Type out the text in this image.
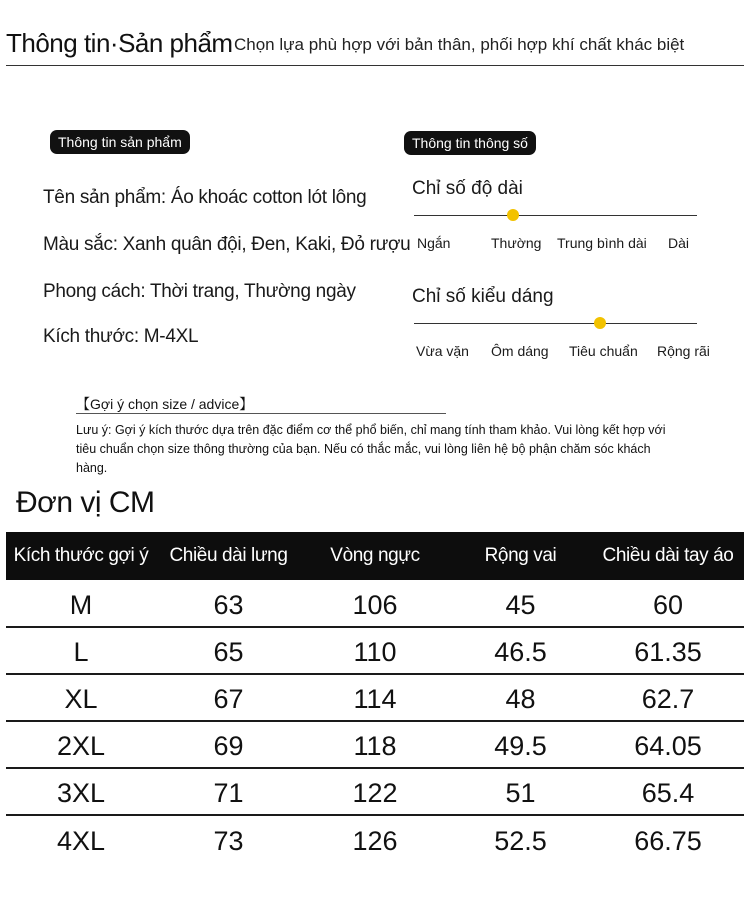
Thông tin·Sản phẩm Chọn lựa phù hợp với bản thân, phối hợp khí chất khác biệt
Thông tin sản phẩm
Tên sản phẩm: Áo khoác cotton lót lông
Màu sắc: Xanh quân đội, Đen, Kaki, Đỏ rượu
Phong cách: Thời trang, Thường ngày
Kích thước: M-4XL
Thông tin thông số
Chỉ số độ dài
Ngắn	Thường Trung bình dài Dài
Chỉ số kiểu dáng
Vừa vặn Ôm dáng Tiêu chuẩn Rộng rãi
【Gợi ý chọn size / advice】
Lưu ý: Gợi ý kích thước dựa trên đặc điểm cơ thể phổ biến, chỉ mang tính tham khảo. Vui lòng kết hợp với tiêu chuẩn chọn size thông thường của bạn. Nếu có thắc mắc, vui lòng liên hệ bộ phận chăm sóc khách hàng.
Đơn vị CM
Kích thước gợi ý	Chiều dài lưng	Vòng ngực	Rộng vai	Chiều dài tay áo
M	63	106	45	60
L	65	110	46.5	61.35
XL	67	114	48	62.7
2XL	69	118	49.5	64.05
3XL	71	122	51	65.4
4XL	73	126	52.5	66.75
